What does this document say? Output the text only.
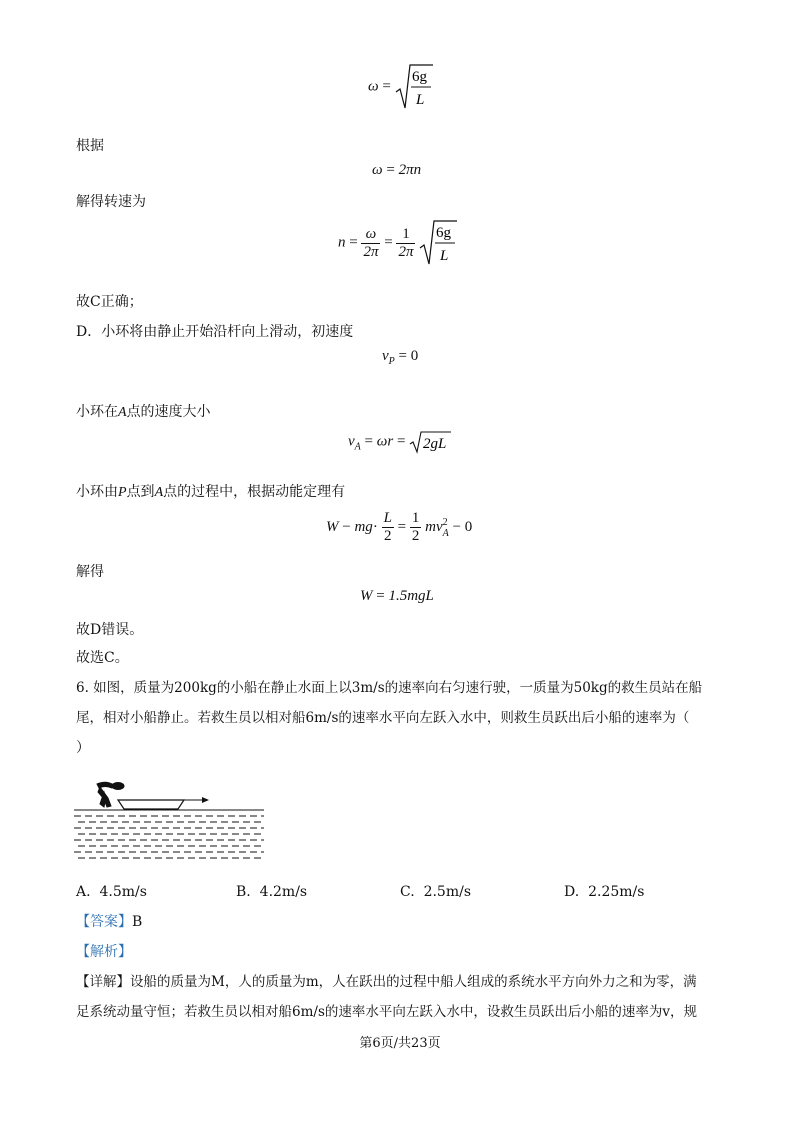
ω =
6g
L
根据
ω = 2πn
解得转速为
$n = \frac{\omega}{2\pi} = \frac{1}{2\pi}$
6g
L
故C正确；
D．小环将由静止开始沿杆向上滑动，初速度
$v_P = 0$
小环在A点的速度大小
$v_A = \omega r = 2gL$
小环由P点到A点的过程中，根据动能定理有
$W - mg\cdot \frac{L}{2} = \frac{1}{2}$ mv 2
A − 0
解得
W = 1.5mgL
故D错误。
故选C。
6. 如图，质量为200kg的小船在静止水面上以3m/s的速率向右匀速行驶，一质量为50kg的救生员站在船
尾，相对小船静止。若救生员以相对船6m/s的速率水平向左跃入水中，则救生员跃出后小船的速率为（
）
A. 4.5m/s	B. 4.2m/s	C. 2.5m/s	D. 2.25m/s
【答案】B
【解析】
【详解】设船的质量为M，人的质量为m，人在跃出的过程中船人组成的系统水平方向外力之和为零，满
足系统动量守恒；若救生员以相对船6m/s的速率水平向左跃入水中，设救生员跃出后小船的速率为v，规
第6页/共23页
